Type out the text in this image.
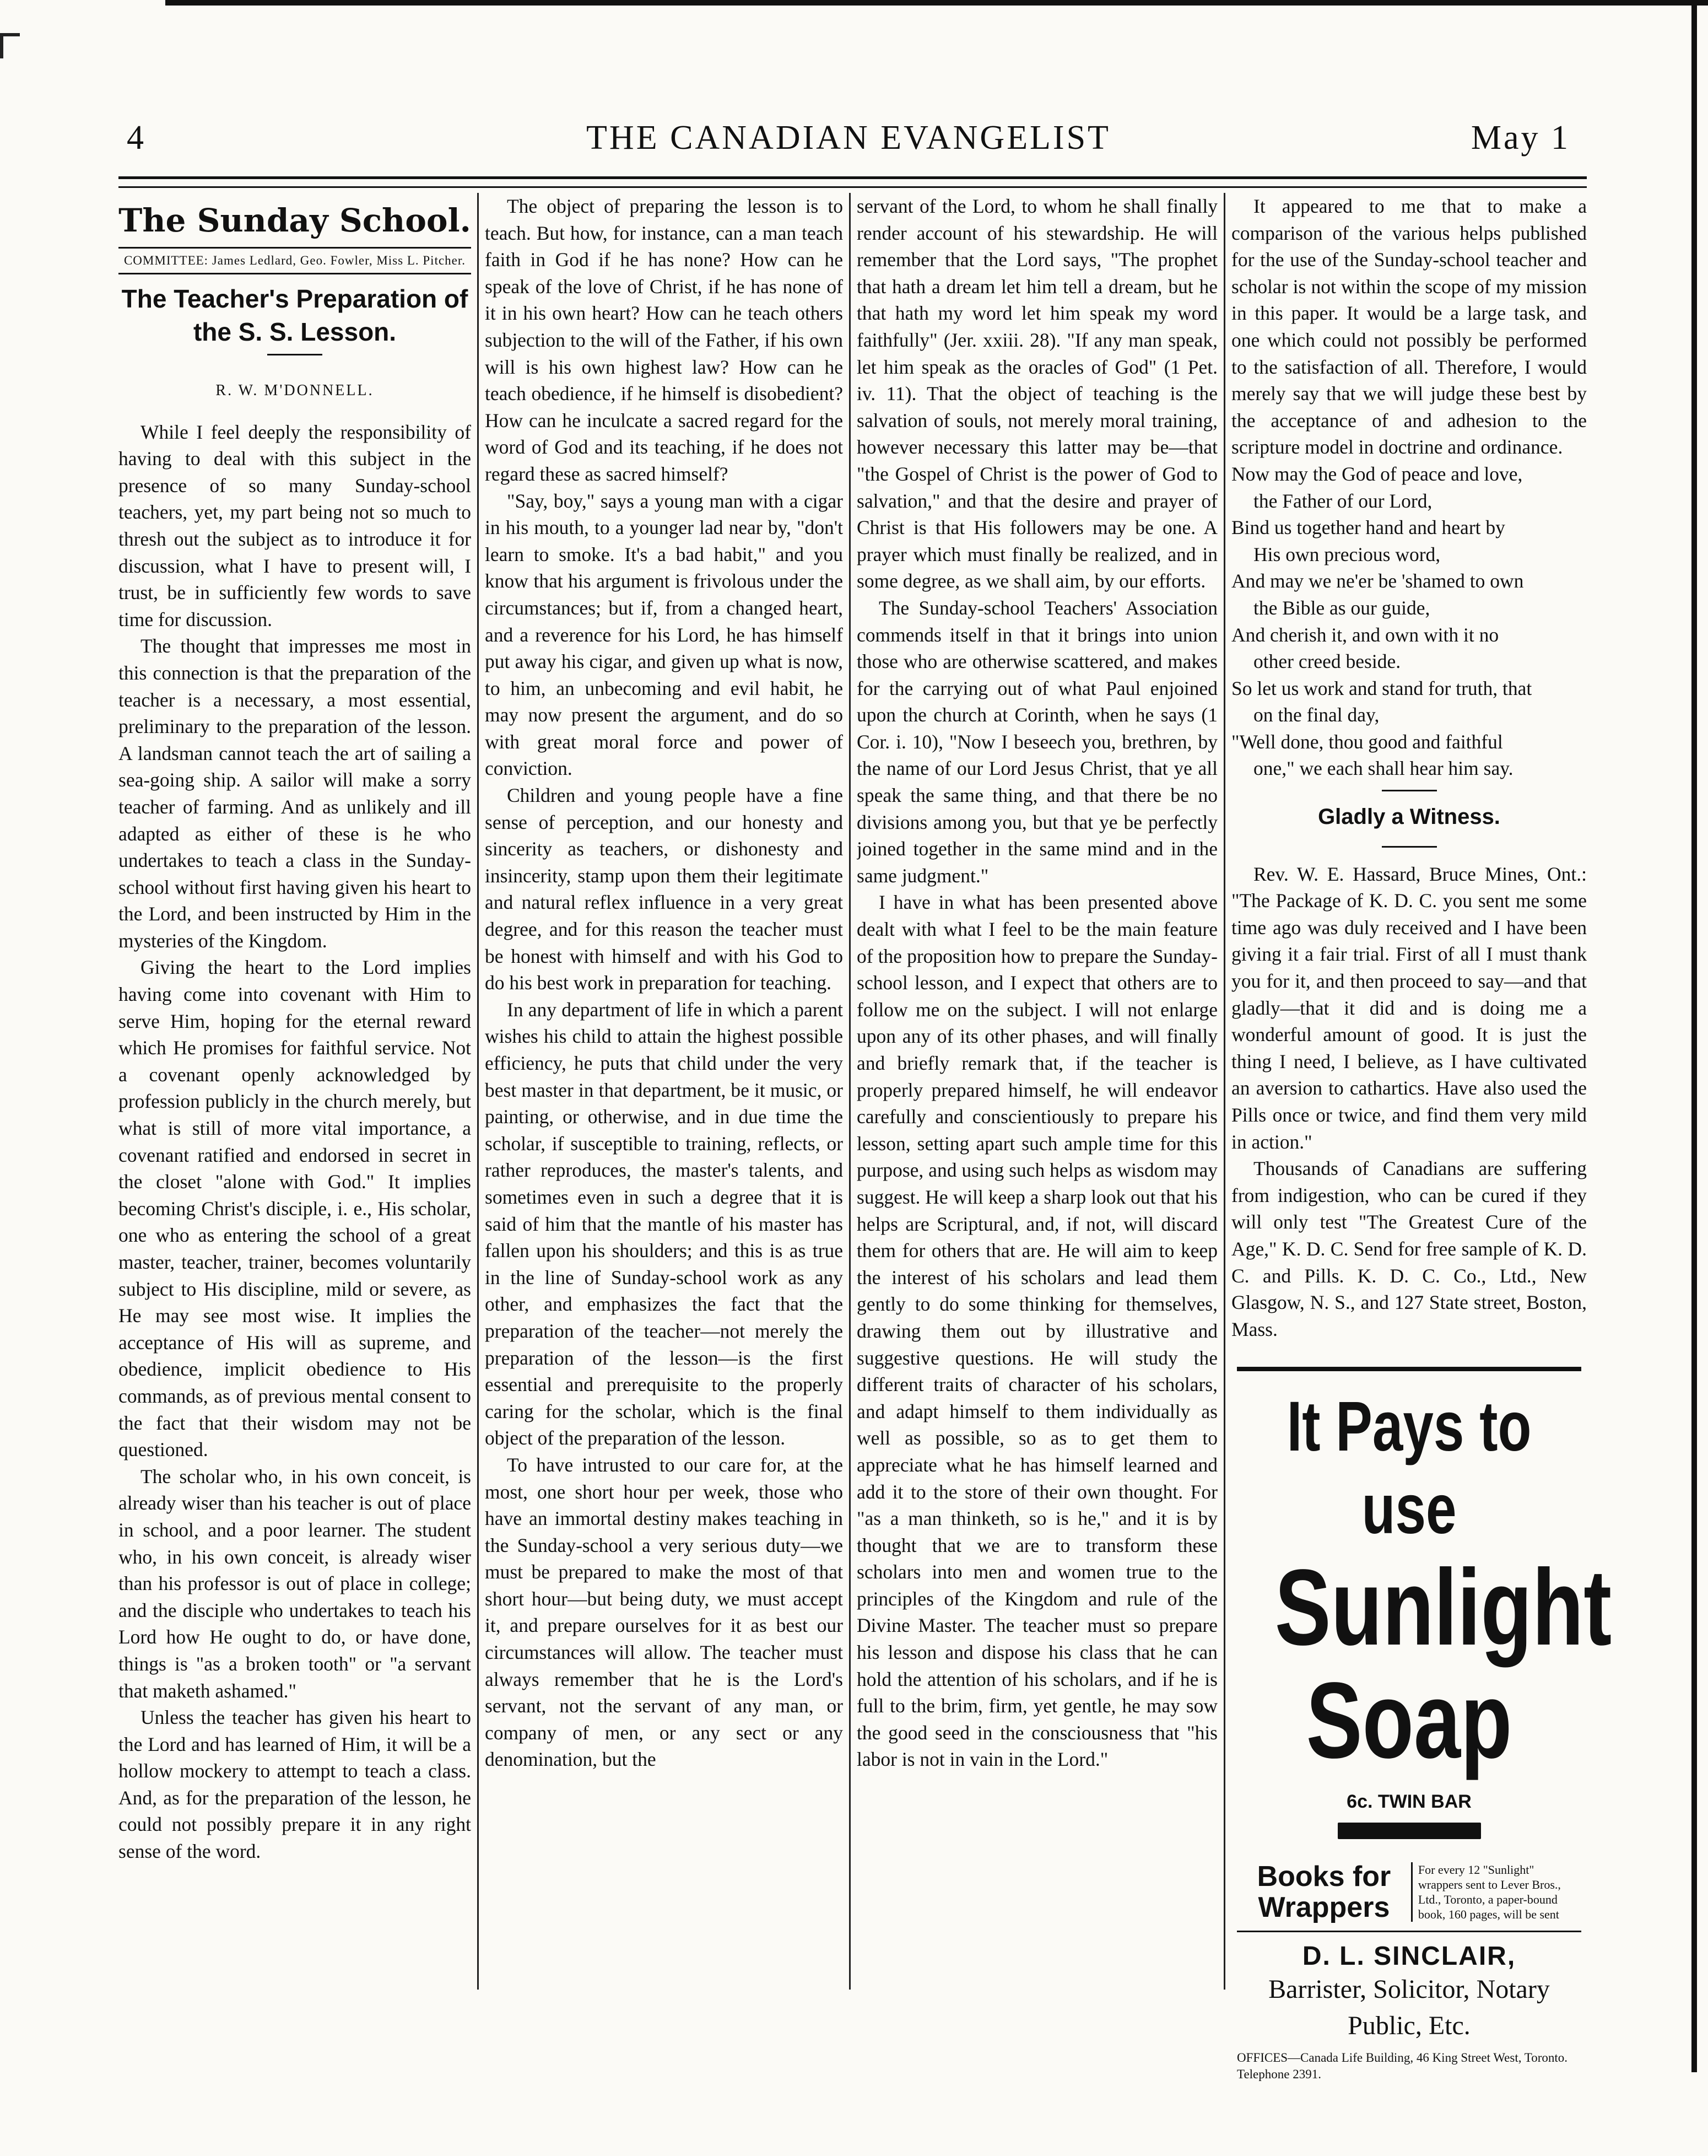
4	THE CANADIAN EVANGELIST	May 1
The Sunday School.
COMMITTEE: James Ledlard, Geo. Fowler, Miss L. Pitcher.
The Teacher's Preparation of the S. S. Lesson.
R. W. M'DONNELL.

While I feel deeply the responsibility of having to deal with this subject in the presence of so many Sunday-school teachers, yet, my part being not so much to thresh out the subject as to introduce it for discussion, what I have to present will, I trust, be in sufficiently few words to save time for discussion.

The thought that impresses me most in this connection is that the preparation of the teacher is a necessary, a most essential, preliminary to the preparation of the lesson. A landsman cannot teach the art of sailing a sea-going ship. A sailor will make a sorry teacher of farming. And as unlikely and ill adapted as either of these is he who undertakes to teach a class in the Sunday-school without first having given his heart to the Lord, and been instructed by Him in the mysteries of the Kingdom.

Giving the heart to the Lord implies having come into covenant with Him to serve Him, hoping for the eternal reward which He promises for faithful service. Not a covenant openly acknowledged by profession publicly in the church merely, but what is still of more vital importance, a covenant ratified and endorsed in secret in the closet "alone with God." It implies becoming Christ's disciple, i. e., His scholar, one who as entering the school of a great master, teacher, trainer, becomes voluntarily subject to His discipline, mild or severe, as He may see most wise. It implies the acceptance of His will as supreme, and obedience, implicit obedience to His commands, as of previous mental consent to the fact that their wisdom may not be questioned.

The scholar who, in his own conceit, is already wiser than his teacher is out of place in school, and a poor learner. The student who, in his own conceit, is already wiser than his professor is out of place in college; and the disciple who undertakes to teach his Lord how He ought to do, or have done, things is "as a broken tooth" or "a servant that maketh ashamed."

Unless the teacher has given his heart to the Lord and has learned of Him, it will be a hollow mockery to attempt to teach a class. And, as for the preparation of the lesson, he could not possibly prepare it in any right sense of the word.

The object of preparing the lesson is to teach. But how, for instance, can a man teach faith in God if he has none? How can he speak of the love of Christ, if he has none of it in his own heart? How can he teach others subjection to the will of the Father, if his own will is his own highest law? How can he teach obedience, if he himself is disobedient? How can he inculcate a sacred regard for the word of God and its teaching, if he does not regard these as sacred himself?

"Say, boy," says a young man with a cigar in his mouth, to a younger lad near by, "don't learn to smoke. It's a bad habit," and you know that his argument is frivolous under the circumstances; but if, from a changed heart, and a reverence for his Lord, he has himself put away his cigar, and given up what is now, to him, an unbecoming and evil habit, he may now present the argument, and do so with great moral force and power of conviction.

Children and young people have a fine sense of perception, and our honesty and sincerity as teachers, or dishonesty and insincerity, stamp upon them their legitimate and natural reflex influence in a very great degree, and for this reason the teacher must be honest with himself and with his God to do his best work in preparation for teaching.

In any department of life in which a parent wishes his child to attain the highest possible efficiency, he puts that child under the very best master in that department, be it music, or painting, or otherwise, and in due time the scholar, if susceptible to training, reflects, or rather reproduces, the master's talents, and sometimes even in such a degree that it is said of him that the mantle of his master has fallen upon his shoulders; and this is as true in the line of Sunday-school work as any other, and emphasizes the fact that the preparation of the teacher—not merely the preparation of the lesson—is the first essential and prerequisite to the properly caring for the scholar, which is the final object of the preparation of the lesson.

To have intrusted to our care for, at the most, one short hour per week, those who have an immortal destiny makes teaching in the Sunday-school a very serious duty—we must be prepared to make the most of that short hour—but being duty, we must accept it, and prepare ourselves for it as best our circumstances will allow. The teacher must always remember that he is the Lord's servant, not the servant of any man, or company of men, or any sect or any denomination, but the

servant of the Lord, to whom he shall finally render account of his stewardship. He will remember that the Lord says, "The prophet that hath a dream let him tell a dream, but he that hath my word let him speak my word faithfully" (Jer. xxiii. 28). "If any man speak, let him speak as the oracles of God" (1 Pet. iv. 11). That the object of teaching is the salvation of souls, not merely moral training, however necessary this latter may be—that "the Gospel of Christ is the power of God to salvation," and that the desire and prayer of Christ is that His followers may be one. A prayer which must finally be realized, and in some degree, as we shall aim, by our efforts.

The Sunday-school Teachers' Association commends itself in that it brings into union those who are otherwise scattered, and makes for the carrying out of what Paul enjoined upon the church at Corinth, when he says (1 Cor. i. 10), "Now I beseech you, brethren, by the name of our Lord Jesus Christ, that ye all speak the same thing, and that there be no divisions among you, but that ye be perfectly joined together in the same mind and in the same judgment."

I have in what has been presented above dealt with what I feel to be the main feature of the proposition how to prepare the Sunday-school lesson, and I expect that others are to follow me on the subject. I will not enlarge upon any of its other phases, and will finally and briefly remark that, if the teacher is properly prepared himself, he will endeavor carefully and conscientiously to prepare his lesson, setting apart such ample time for this purpose, and using such helps as wisdom may suggest. He will keep a sharp look out that his helps are Scriptural, and, if not, will discard them for others that are. He will aim to keep the interest of his scholars and lead them gently to do some thinking for themselves, drawing them out by illustrative and suggestive questions. He will study the different traits of character of his scholars, and adapt himself to them individually as well as possible, so as to get them to appreciate what he has himself learned and add it to the store of their own thought. For "as a man thinketh, so is he," and it is by thought that we are to transform these scholars into men and women true to the principles of the Kingdom and rule of the Divine Master. The teacher must so prepare his lesson and dispose his class that he can hold the attention of his scholars, and if he is full to the brim, firm, yet gentle, he may sow the good seed in the consciousness that "his labor is not in vain in the Lord."

It appeared to me that to make a comparison of the various helps published for the use of the Sunday-school teacher and scholar is not within the scope of my mission in this paper. It would be a large task, and one which could not possibly be performed to the satisfaction of all. Therefore, I would merely say that we will judge these best by the acceptance of and adhesion to the scripture model in doctrine and ordinance.

Now may the God of peace and love,
the Father of our Lord,
Bind us together hand and heart by
His own precious word,
And may we ne'er be 'shamed to own
the Bible as our guide,
And cherish it, and own with it no
other creed beside.
So let us work and stand for truth, that
on the final day,
"Well done, thou good and faithful
one," we each shall hear him say.
Gladly a Witness.

Rev. W. E. Hassard, Bruce Mines, Ont.: "The Package of K. D. C. you sent me some time ago was duly received and I have been giving it a fair trial. First of all I must thank you for it, and then proceed to say—and that gladly—that it did and is doing me a wonderful amount of good. It is just the thing I need, I believe, as I have cultivated an aversion to cathartics. Have also used the Pills once or twice, and find them very mild in action."

Thousands of Canadians are suffering from indigestion, who can be cured if they will only test "The Greatest Cure of the Age," K. D. C. Send for free sample of K. D. C. and Pills. K. D. C. Co., Ltd., New Glasgow, N. S., and 127 State street, Boston, Mass.

It Pays to use
Sunlight
Soap
6c. TWIN BAR
Books for Wrappers
For every 12 "Sunlight" wrappers sent to Lever Bros., Ltd., Toronto, a paper-bound book, 160 pages, will be sent
D. L. SINCLAIR,
Barrister, Solicitor, Notary Public, Etc.
OFFICES—Canada Life Building, 46 King Street West, Toronto. Telephone 2391.
